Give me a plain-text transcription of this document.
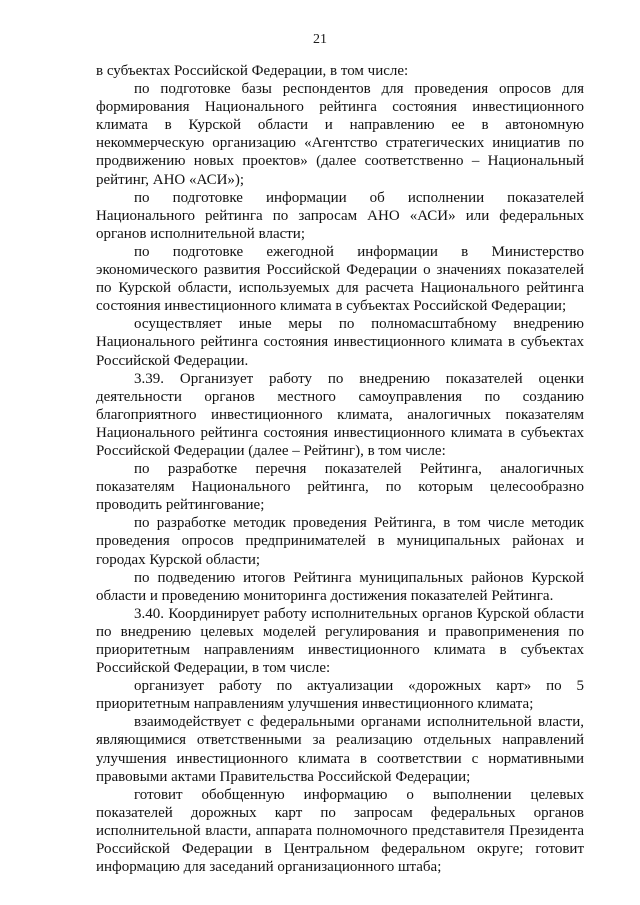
21

в субъектах Российской Федерации, в том числе:

по подготовке базы респондентов для проведения опросов для формирования Национального рейтинга состояния инвестиционного климата в Курской области и направлению ее в автономную некоммерческую организацию «Агентство стратегических инициатив по продвижению новых проектов» (далее соответственно – Национальный рейтинг, АНО «АСИ»);

по подготовке информации об исполнении показателей Национального рейтинга по запросам АНО «АСИ» или федеральных органов исполнительной власти;

по подготовке ежегодной информации в Министерство экономического развития Российской Федерации о значениях показателей по Курской области, используемых для расчета Национального рейтинга состояния инвестиционного климата в субъектах Российской Федерации;

осуществляет иные меры по полномасштабному внедрению Национального рейтинга состояния инвестиционного климата в субъектах Российской Федерации.

3.39. Организует работу по внедрению показателей оценки деятельности органов местного самоуправления по созданию благоприятного инвестиционного климата, аналогичных показателям Национального рейтинга состояния инвестиционного климата в субъектах Российской Федерации (далее – Рейтинг), в том числе:

по разработке перечня показателей Рейтинга, аналогичных показателям Национального рейтинга, по которым целесообразно проводить рейтингование;

по разработке методик проведения Рейтинга, в том числе методик проведения опросов предпринимателей в муниципальных районах и городах Курской области;

по подведению итогов Рейтинга муниципальных районов Курской области и проведению мониторинга достижения показателей Рейтинга.

3.40. Координирует работу исполнительных органов Курской области по внедрению целевых моделей регулирования и правоприменения по приоритетным направлениям инвестиционного климата в субъектах Российской Федерации, в том числе:

организует работу по актуализации «дорожных карт» по 5 приоритетным направлениям улучшения инвестиционного климата;

взаимодействует с федеральными органами исполнительной власти, являющимися ответственными за реализацию отдельных направлений улучшения инвестиционного климата в соответствии с нормативными правовыми актами Правительства Российской Федерации;

готовит обобщенную информацию о выполнении целевых показателей дорожных карт по запросам федеральных органов исполнительной власти, аппарата полномочного представителя Президента Российской Федерации в Центральном федеральном округе; готовит информацию для заседаний организационного штаба;
